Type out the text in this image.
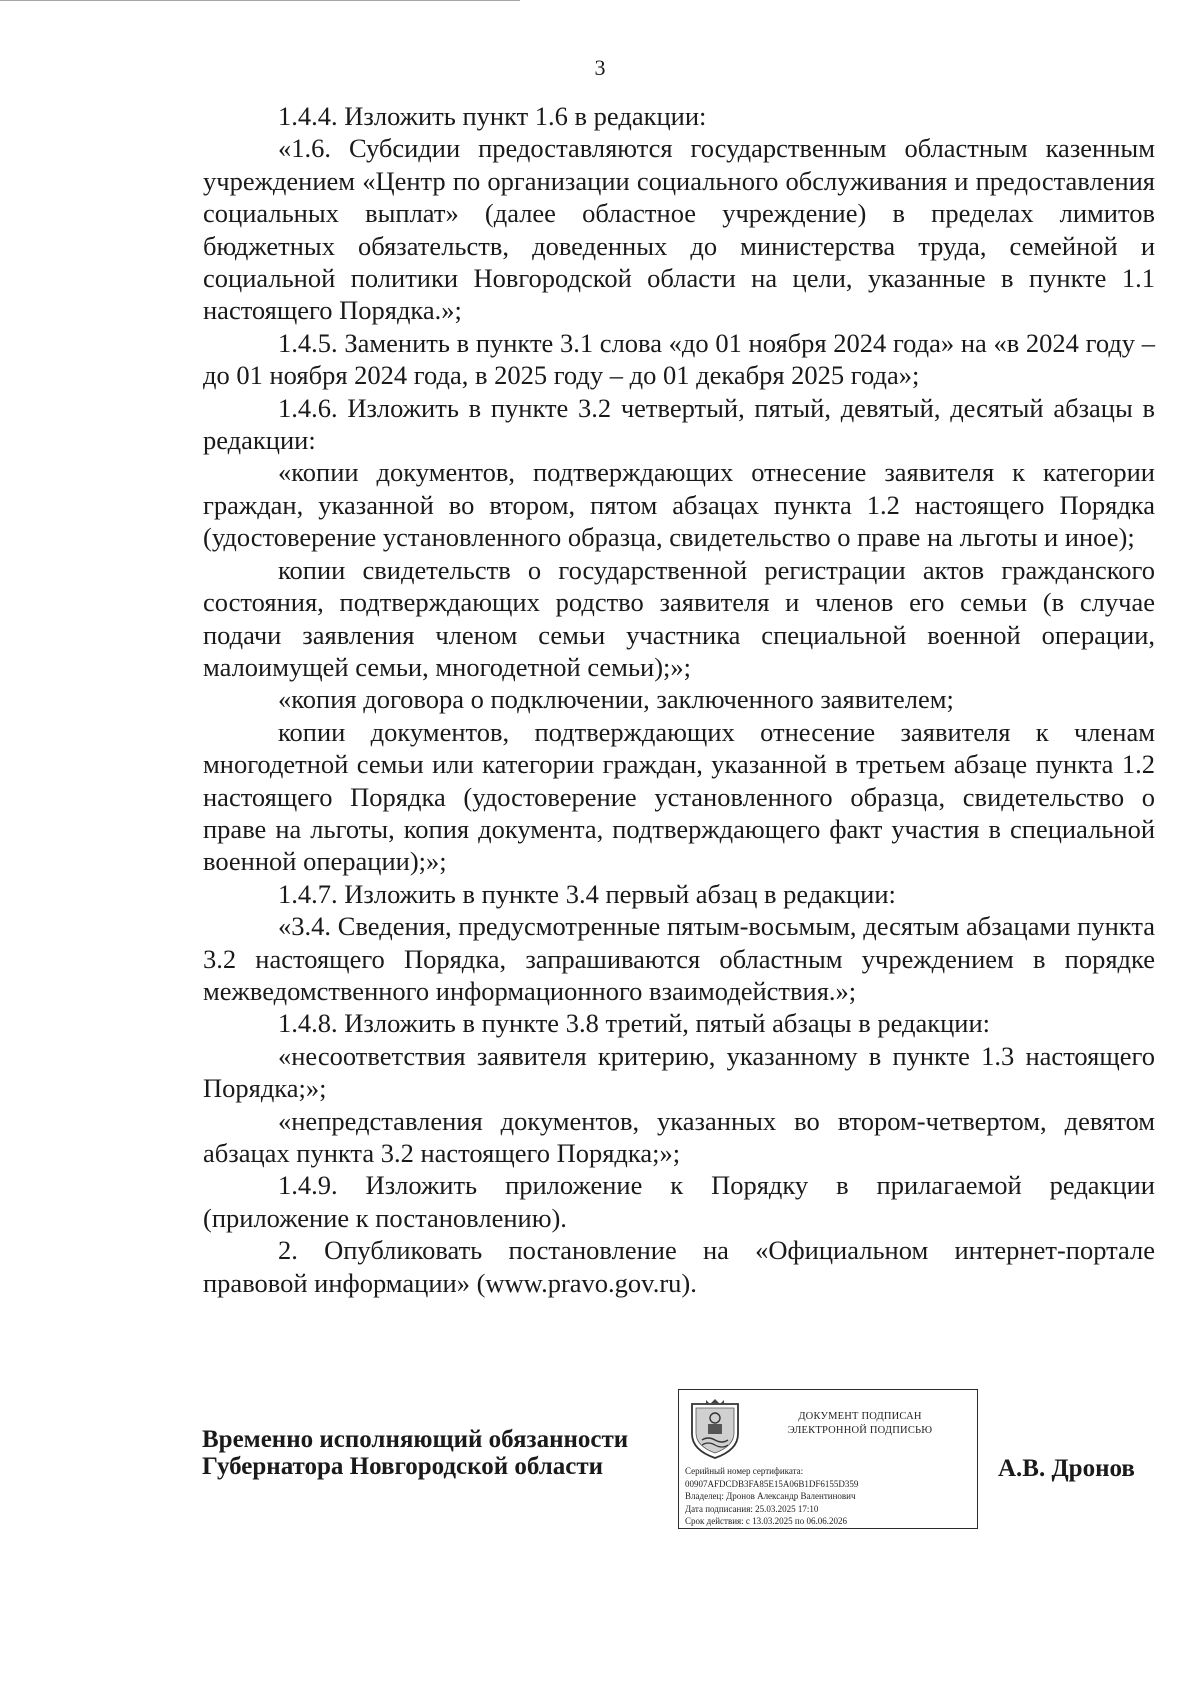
3

1.4.4. Изложить пункт 1.6 в редакции:

«1.6. Субсидии предоставляются государственным областным казенным учреждением «Центр по организации социального обслуживания и предоставления социальных выплат» (далее областное учреждение) в пределах лимитов бюджетных обязательств, доведенных до министерства труда, семейной и социальной политики Новгородской области на цели, указанные в пункте 1.1 настоящего Порядка.»;

1.4.5. Заменить в пункте 3.1 слова «до 01 ноября 2024 года» на «в 2024 году – до 01 ноября 2024 года, в 2025 году – до 01 декабря 2025 года»;

1.4.6. Изложить в пункте 3.2 четвертый, пятый, девятый, десятый абзацы в редакции:

«копии документов, подтверждающих отнесение заявителя к категории граждан, указанной во втором, пятом абзацах пункта 1.2 настоящего Порядка (удостоверение установленного образца, свидетельство о праве на льготы и иное);

копии свидетельств о государственной регистрации актов гражданского состояния, подтверждающих родство заявителя и членов его семьи (в случае подачи заявления членом семьи участника специальной военной операции, малоимущей семьи, многодетной семьи);»;

«копия договора о подключении, заключенного заявителем;

копии документов, подтверждающих отнесение заявителя к членам многодетной семьи или категории граждан, указанной в третьем абзаце пункта 1.2 настоящего Порядка (удостоверение установленного образца, свидетельство о праве на льготы, копия документа, подтверждающего факт участия в специальной военной операции);»;

1.4.7. Изложить в пункте 3.4 первый абзац в редакции:

«3.4. Сведения, предусмотренные пятым-восьмым, десятым абзацами пункта 3.2 настоящего Порядка, запрашиваются областным учреждением в порядке межведомственного информационного взаимодействия.»;

1.4.8. Изложить в пункте 3.8 третий, пятый абзацы в редакции:

«несоответствия заявителя критерию, указанному в пункте 1.3 настоящего Порядка;»;

«непредставления документов, указанных во втором-четвертом, девятом абзацах пункта 3.2 настоящего Порядка;»;

1.4.9. Изложить приложение к Порядку в прилагаемой редакции (приложение к постановлению).

2. Опубликовать постановление на «Официальном интернет-портале правовой информации» (www.pravo.gov.ru).

Временно исполняющий обязанности
Губернатора Новгородской области
ДОКУМЕНТ ПОДПИСАН
ЭЛЕКТРОННОЙ ПОДПИСЬЮ
Серийный номер сертификата:
00907AFDCDB3FA85E15A06B1DF6155D359
Владелец: Дронов Александр Валентинович
Дата подписания: 25.03.2025 17:10
Срок действия: с 13.03.2025 по 06.06.2026
А.В. Дронов
